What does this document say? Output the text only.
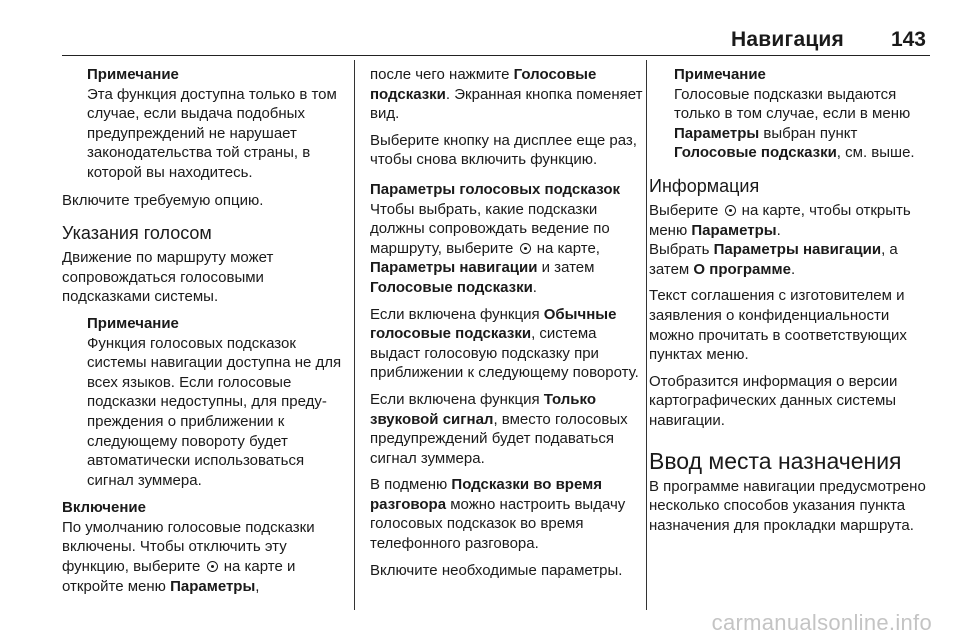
Навигация 143
Примечание
Эта функция доступна только в том случае, если выдача подобных предупреждений не нарушает законодательства той страны, в которой вы находитесь.

Включите требуемую опцию.

Указания голосом

Движение по маршруту может сопровождаться голосовыми подсказками системы.

Примечание
Функция голосовых подсказок системы навигации доступна не для всех языков. Если голосовые подсказки недоступны, для предупреждения о приближении к следующему повороту будет автоматически использоваться сигнал зуммера.
Включение

По умолчанию голосовые подсказки включены. Чтобы отключить эту функцию, выберите на карте и откройте меню Параметры,

после чего нажмите Голосовые подсказки. Экранная кнопка поменяет вид.

Выберите кнопку на дисплее еще раз, чтобы снова включить функцию.

Параметры голосовых подсказок

Чтобы выбрать, какие подсказки должны сопровождать ведение по маршруту, выберите на карте, Параметры навигации и затем Голосовые подсказки.

Если включена функция Обычные голосовые подсказки, система выдаст голосовую подсказку при приближении к следующему повороту.

Если включена функция Только звуковой сигнал, вместо голосовых предупреждений будет подаваться сигнал зуммера.

В подменю Подсказки во время разговора можно настроить выдачу голосовых подсказок во время телефонного разговора.

Включите необходимые параметры.

Примечание
Голосовые подсказки выдаются только в том случае, если в меню Параметры выбран пункт Голосовые подсказки, см. выше.
Информация

Выберите на карте, чтобы открыть меню Параметры.
Выбрать Параметры навигации, а затем О программе.

Текст соглашения с изготовителем и заявления о конфиденциальности можно прочитать в соответствующих пунктах меню.

Отобразится информация о версии картографических данных системы навигации.

Ввод места назначения

В программе навигации предусмотрено несколько способов указания пункта назначения для прокладки маршрута.

carmanualsonline.info
